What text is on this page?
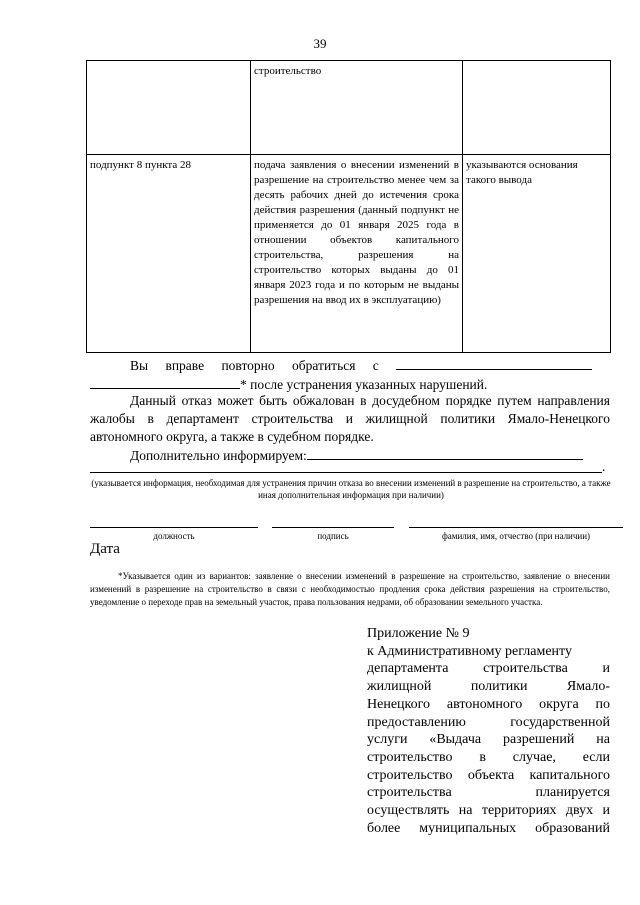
39
	строительство	
подпункт 8 пункта 28	подача заявления о внесении изменений в разрешение на строительство менее чем за десять рабочих дней до истечения срока действия разрешения (данный подпункт не применяется до 01 января 2025 года в отношении объектов капитального строительства, разрешения на строительство которых выданы до 01 января 2023 года и по которым не выданы разрешения на ввод их в эксплуатацию)	указываются основания такого вывода
Вы вправе повторно обратиться с
* после устранения указанных нарушений.
Данный отказ может быть обжалован в досудебном порядке путем направления жалобы в департамент строительства и жилищной политики Ямало-Ненецкого автономного округа, а также в судебном порядке.
Дополнительно информируем:
.
(указывается информация, необходимая для устранения причин отказа во внесении изменений в разрешение на строительство, а также иная дополнительная информация при наличии)
должность	подпись	фамилия, имя, отчество (при наличии)
Дата
*Указывается один из вариантов: заявление о внесении изменений в разрешение на строительство, заявление о внесении изменений в разрешение на строительство в связи с необходимостью продления срока действия разрешения на строительство, уведомление о переходе прав на земельный участок, права пользования недрами, об образовании земельного участка.
Приложение № 9
к Административному регламенту
департамента строительства и
жилищной политики Ямало-
Ненецкого автономного округа по
предоставлению государственной
услуги «Выдача разрешений на
строительство в случае, если
строительство объекта капитального
строительства планируется
осуществлять на территориях двух и
более муниципальных образований
